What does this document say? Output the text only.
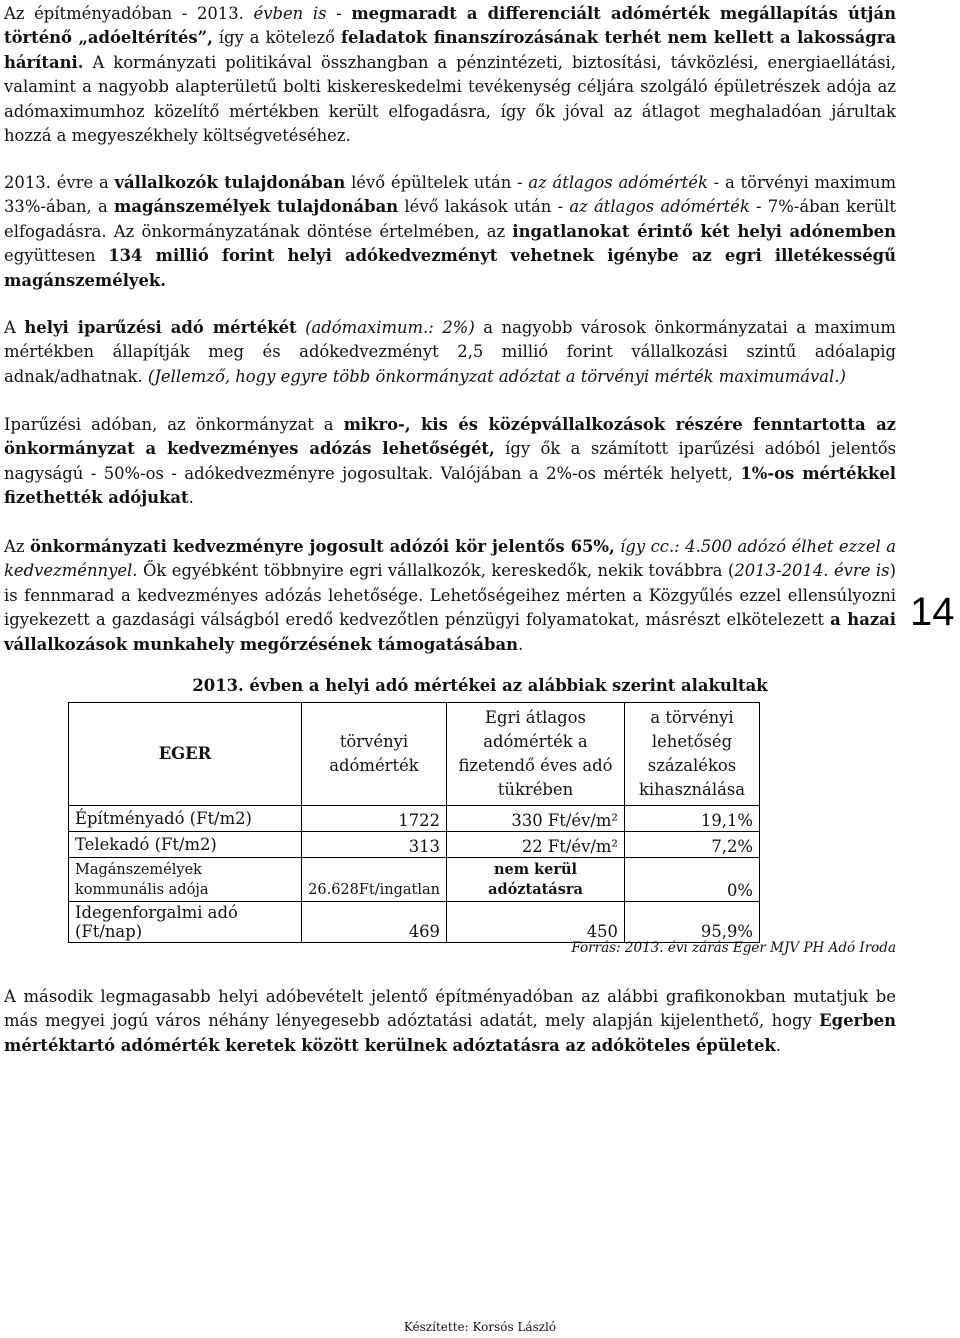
Az építményadóban - 2013. évben is - megmaradt a differenciált adómérték megállapítás útján történő „adóeltérítés”, így a kötelező feladatok finanszírozásának terhét nem kellett a lakosságra hárítani. A kormányzati politikával összhangban a pénzintézeti, biztosítási, távközlési, energiaellátási, valamint a nagyobb alapterületű bolti kiskereskedelmi tevékenység céljára szolgáló épületrészek adója az adómaximumhoz közelítő mértékben került elfogadásra, így ők jóval az átlagot meghaladóan járultak hozzá a megyeszékhely költségvetéséhez.

2013. évre a vállalkozók tulajdonában lévő épültelek után - az átlagos adómérték - a törvényi maximum 33%-ában, a magánszemélyek tulajdonában lévő lakások után - az átlagos adómérték - 7%-ában került elfogadásra. Az önkormányzatának döntése értelmében, az ingatlanokat érintő két helyi adónemben együttesen 134 millió forint helyi adókedvezményt vehetnek igénybe az egri illetékességű magánszemélyek.

A helyi iparűzési adó mértékét (adómaximum.: 2%) a nagyobb városok önkormányzatai a maximum mértékben állapítják meg és adókedvezményt 2,5 millió forint vállalkozási szintű adóalapig adnak/adhatnak. (Jellemző, hogy egyre több önkormányzat adóztat a törvényi mérték maximumával.)

Iparűzési adóban, az önkormányzat a mikro-, kis és középvállalkozások részére fenntartotta az önkormányzat a kedvezményes adózás lehetőségét, így ők a számított iparűzési adóból jelentős nagyságú - 50%-os - adókedvezményre jogosultak. Valójában a 2%-os mérték helyett, 1%-os mértékkel fizethették adójukat.

Az önkormányzati kedvezményre jogosult adózói kör jelentős 65%, így cc.: 4.500 adózó élhet ezzel a kedvezménnyel. Ők egyébként többnyire egri vállalkozók, kereskedők, nekik továbbra (2013-2014. évre is) is fennmarad a kedvezményes adózás lehetősége. Lehetőségeihez mérten a Közgyűlés ezzel ellensúlyozni igyekezett a gazdasági válságból eredő kedvezőtlen pénzügyi folyamatokat, másrészt elkötelezett a hazai vállalkozások munkahely megőrzésének támogatásában.

A második legmagasabb helyi adóbevételt jelentő építményadóban az alábbi grafikonokban mutatjuk be más megyei jogú város néhány lényegesebb adóztatási adatát, mely alapján kijelenthető, hogy Egerben mértéktartó adómérték keretek között kerülnek adóztatásra az adóköteles épületek.

Forrás: 2013. évi zárás Eger MJV PH Adó Iroda

14

2013. évben a helyi adó mértékei az alábbiak szerint alakultak

EGER	törvényi adómérték	Egri átlagos adómérték a fizetendő éves adó tükrében	a törvényi lehetőség százalékos kihasználása
Építményadó (Ft/m2)	1722	330 Ft/év/m²	19,1%
Telekadó (Ft/m2)	313	22 Ft/év/m²	7,2%
Magánszemélyek kommunális adója	26.628Ft/ingatlan	nem kerül adóztatásra	0%
Idegenforgalmi adó (Ft/nap)	469	450	95,9%
Készítette: Korsós László
